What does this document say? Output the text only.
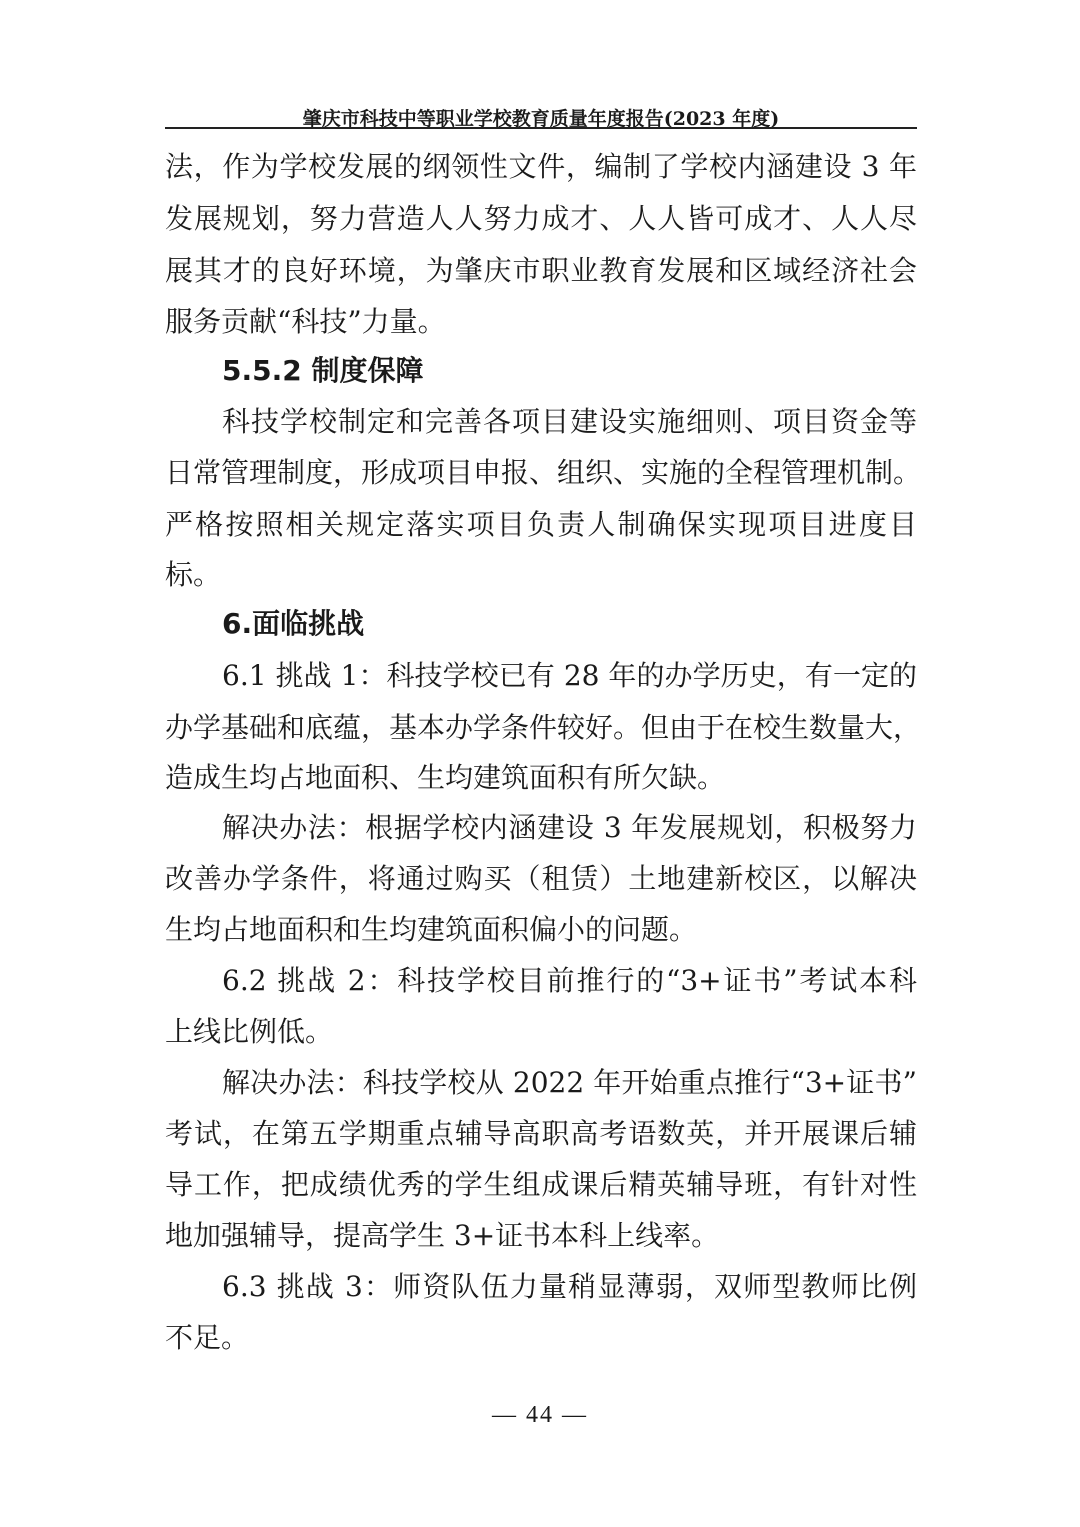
肇庆市科技中等职业学校教育质量年度报告(2023 年度)
法，作为学校发展的纲领性文件，编制了学校内涵建设 3 年
发展规划，努力营造人人努力成才、人人皆可成才、人人尽
展其才的良好环境，为肇庆市职业教育发展和区域经济社会
服务贡献“科技”力量。
5.5.2 制度保障
科技学校制定和完善各项目建设实施细则、项目资金等
日常管理制度，形成项目申报、组织、实施的全程管理机制。
严格按照相关规定落实项目负责人制确保实现项目进度目
标。
6.面临挑战
6.1 挑战 1：科技学校已有 28 年的办学历史，有一定的
办学基础和底蕴，基本办学条件较好。但由于在校生数量大，
造成生均占地面积、生均建筑面积有所欠缺。
解决办法：根据学校内涵建设 3 年发展规划，积极努力
改善办学条件，将通过购买（租赁）土地建新校区，以解决
生均占地面积和生均建筑面积偏小的问题。
6.2 挑战 2：科技学校目前推行的“3+证书”考试本科
上线比例低。
解决办法：科技学校从 2022 年开始重点推行“3+证书”
考试，在第五学期重点辅导高职高考语数英，并开展课后辅
导工作，把成绩优秀的学生组成课后精英辅导班，有针对性
地加强辅导，提高学生 3+证书本科上线率。
6.3 挑战 3：师资队伍力量稍显薄弱，双师型教师比例
不足。
— 44 —
